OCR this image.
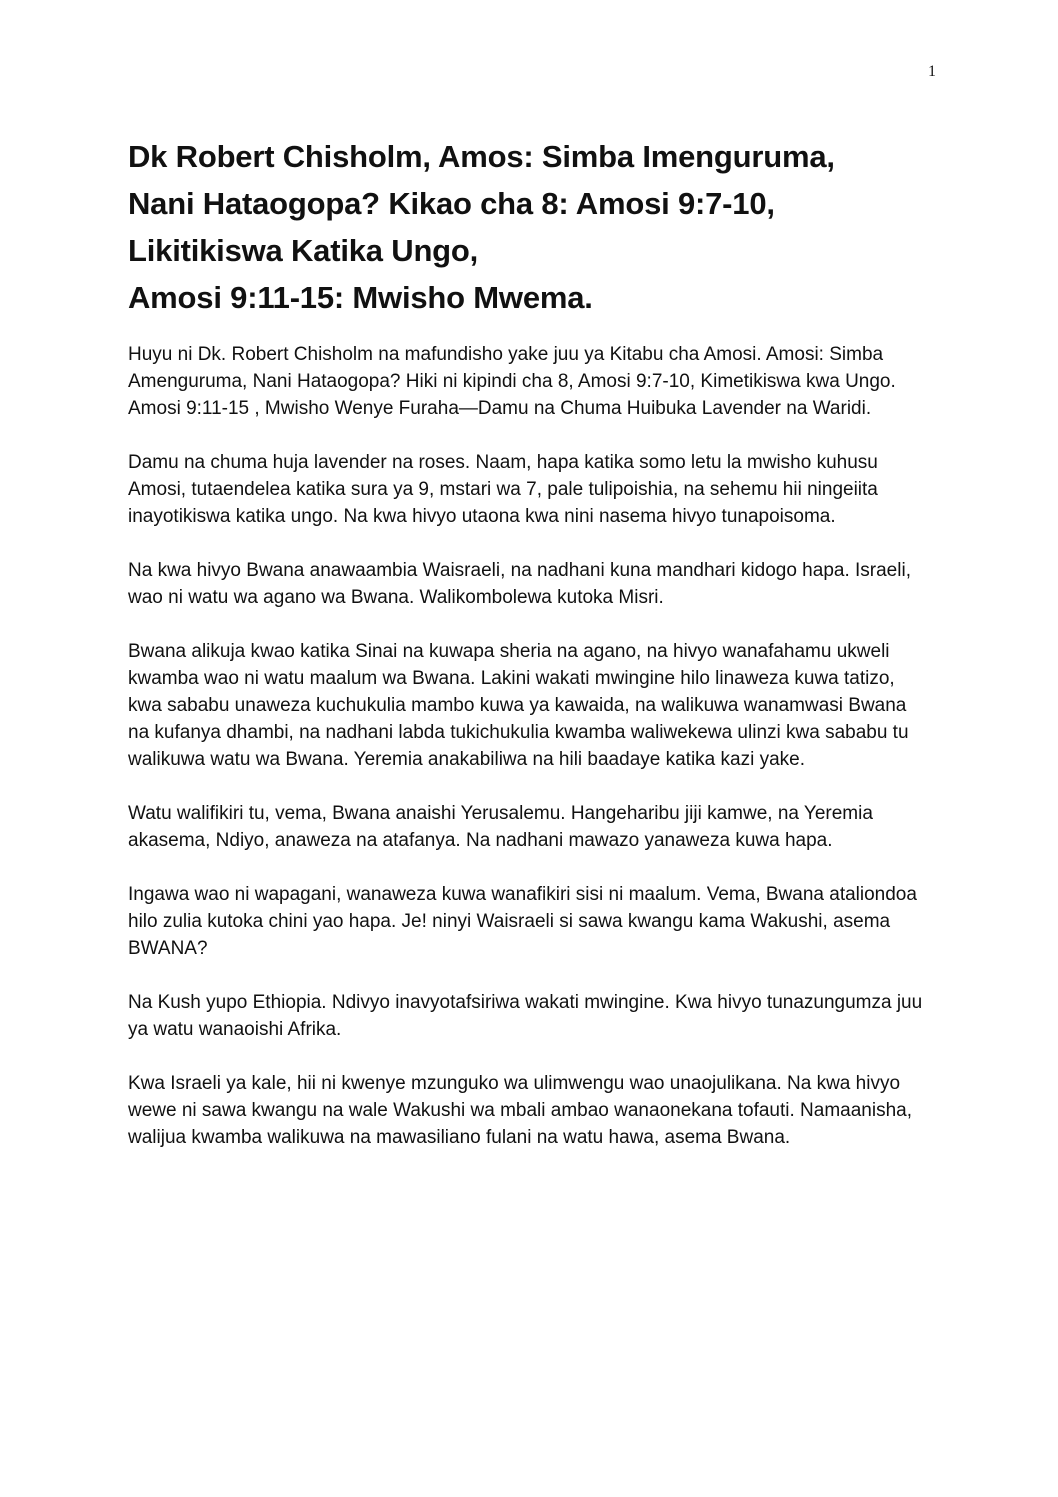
1
Dk Robert Chisholm, Amos: Simba Imenguruma,
Nani Hataogopa? Kikao cha 8: Amosi 9:7-10,
Likitikiswa Katika Ungo,
Amosi 9:11-15: Mwisho Mwema.

Huyu ni Dk. Robert Chisholm na mafundisho yake juu ya Kitabu cha Amosi. Amosi: Simba Amenguruma, Nani Hataogopa? Hiki ni kipindi cha 8, Amosi 9:7-10, Kimetikiswa kwa Ungo. Amosi 9:11-15 , Mwisho Wenye Furaha—Damu na Chuma Huibuka Lavender na Waridi.

Damu na chuma huja lavender na roses. Naam, hapa katika somo letu la mwisho kuhusu Amosi, tutaendelea katika sura ya 9, mstari wa 7, pale tulipoishia, na sehemu hii ningeiita inayotikiswa katika ungo. Na kwa hivyo utaona kwa nini nasema hivyo tunapoisoma.

Na kwa hivyo Bwana anawaambia Waisraeli, na nadhani kuna mandhari kidogo hapa. Israeli, wao ni watu wa agano wa Bwana. Walikombolewa kutoka Misri.

Bwana alikuja kwao katika Sinai na kuwapa sheria na agano, na hivyo wanafahamu ukweli kwamba wao ni watu maalum wa Bwana. Lakini wakati mwingine hilo linaweza kuwa tatizo, kwa sababu unaweza kuchukulia mambo kuwa ya kawaida, na walikuwa wanamwasi Bwana na kufanya dhambi, na nadhani labda tukichukulia kwamba waliwekewa ulinzi kwa sababu tu walikuwa watu wa Bwana. Yeremia anakabiliwa na hili baadaye katika kazi yake.

Watu walifikiri tu, vema, Bwana anaishi Yerusalemu. Hangeharibu jiji kamwe, na Yeremia akasema, Ndiyo, anaweza na atafanya. Na nadhani mawazo yanaweza kuwa hapa.

Ingawa wao ni wapagani, wanaweza kuwa wanafikiri sisi ni maalum. Vema, Bwana ataliondoa hilo zulia kutoka chini yao hapa. Je! ninyi Waisraeli si sawa kwangu kama Wakushi, asema BWANA?

Na Kush yupo Ethiopia. Ndivyo inavyotafsiriwa wakati mwingine. Kwa hivyo tunazungumza juu ya watu wanaoishi Afrika.

Kwa Israeli ya kale, hii ni kwenye mzunguko wa ulimwengu wao unaojulikana. Na kwa hivyo wewe ni sawa kwangu na wale Wakushi wa mbali ambao wanaonekana tofauti. Namaanisha, walijua kwamba walikuwa na mawasiliano fulani na watu hawa, asema Bwana.
